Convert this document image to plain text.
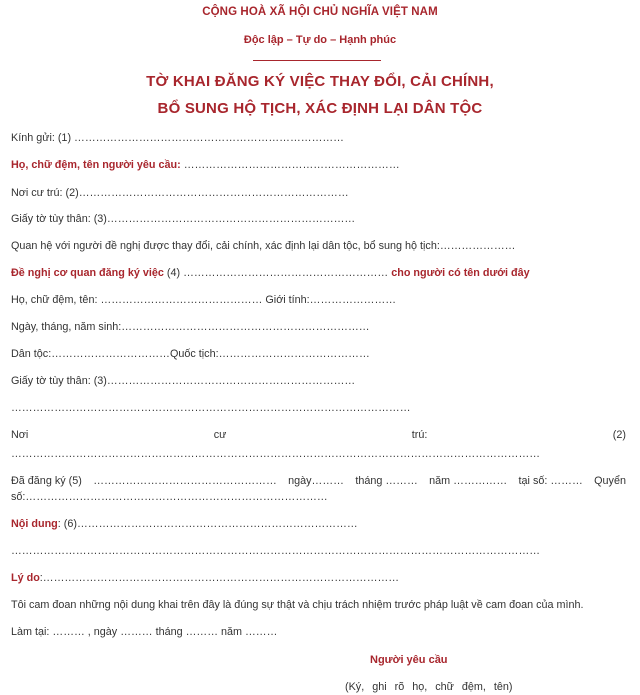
CỘNG HOÀ XÃ HỘI CHỦ NGHĨA VIỆT NAM
Độc lập – Tự do – Hạnh phúc
TỜ KHAI ĐĂNG KÝ VIỆC THAY ĐỔI, CẢI CHÍNH,
BỔ SUNG HỘ TỊCH, XÁC ĐỊNH LẠI DÂN TỘC
Kính gửi: (1) …………………………………………………………………
Họ, chữ đệm, tên người yêu cầu: ……………………………………………………
Nơi cư trú: (2)…………………………………………………………………
Giấy tờ tùy thân: (3)……………………………………………………………
Quan hệ với người đề nghị được thay đổi, cải chính, xác định lại dân tộc, bổ sung hộ tịch:…………………
Đề nghị cơ quan đăng ký việc (4) ………………………………………………… cho người có tên dưới đây
Họ, chữ đệm, tên: ……………………………………… Giới tính:……………………
Ngày, tháng, năm sinh:……………………………………………………………
Dân tộc:……………………………Quốc tịch:……………………………………
Giấy tờ tùy thân: (3)……………………………………………………………
…………………………………………………………………………………………………
Nơi	cư	trú:	(2)
…………………………………………………………………………………………………………………………………
Đã đăng ký (5) …………………………………………… ngày……… tháng ……… năm …………… tại số: ……… Quyển
số:…………………………………………………………………………
Nội dung: (6)……………………………………………………………………
…………………………………………………………………………………………………………………………………
Lý do:………………………………………………………………………………………
Tôi cam đoan những nội dung khai trên đây là đúng sự thật và chịu trách nhiệm trước pháp luật về cam đoan của mình.
Làm tại: ……… , ngày ……… tháng ……… năm ………
Người yêu cầu
(Ký, ghi rõ họ, chữ đệm, tên)
